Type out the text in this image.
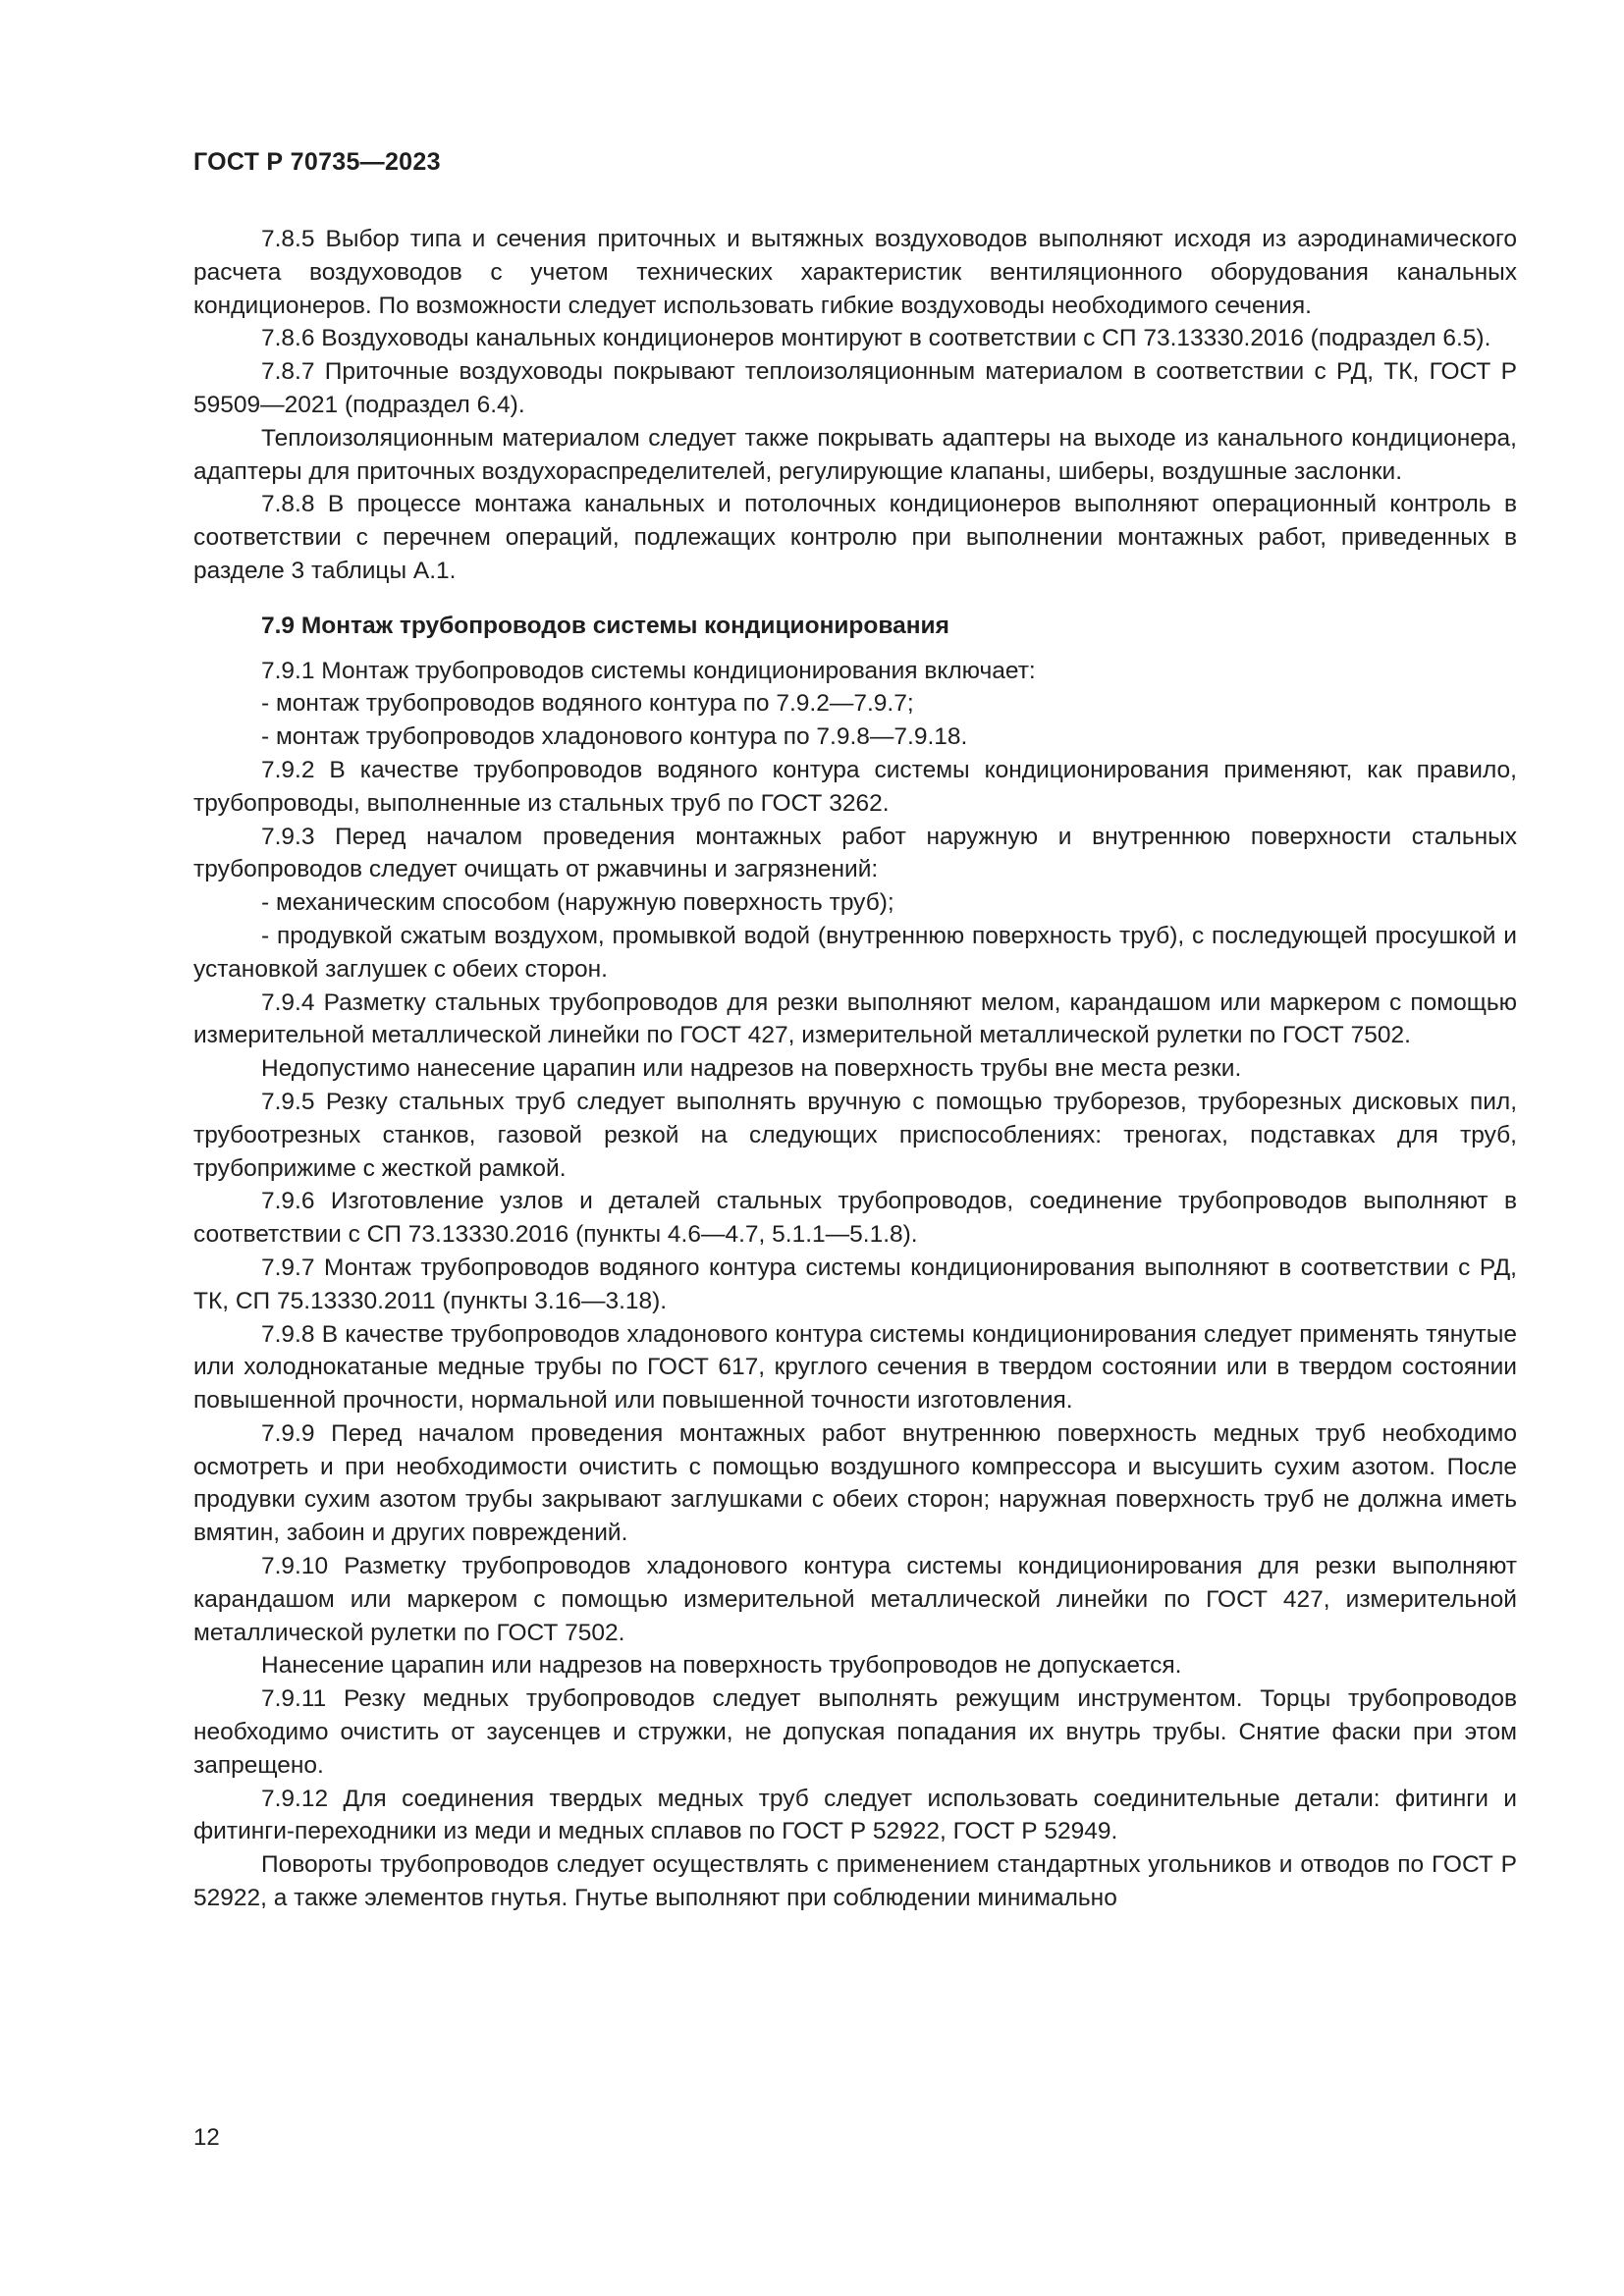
ГОСТ Р 70735—2023

7.8.5 Выбор типа и сечения приточных и вытяжных воздуховодов выполняют исходя из аэродинамического расчета воздуховодов с учетом технических характеристик вентиляционного оборудования канальных кондиционеров. По возможности следует использовать гибкие воздуховоды необходимого сечения.

7.8.6 Воздуховоды канальных кондиционеров монтируют в соответствии с СП 73.13330.2016 (подраздел 6.5).

7.8.7 Приточные воздуховоды покрывают теплоизоляционным материалом в соответствии с РД, ТК, ГОСТ Р 59509—2021 (подраздел 6.4).

Теплоизоляционным материалом следует также покрывать адаптеры на выходе из канального кондиционера, адаптеры для приточных воздухораспределителей, регулирующие клапаны, шиберы, воздушные заслонки.

7.8.8 В процессе монтажа канальных и потолочных кондиционеров выполняют операционный контроль в соответствии с перечнем операций, подлежащих контролю при выполнении монтажных работ, приведенных в разделе 3 таблицы А.1.

7.9 Монтаж трубопроводов системы кондиционирования

7.9.1 Монтаж трубопроводов системы кондиционирования включает:

- монтаж трубопроводов водяного контура по 7.9.2—7.9.7;

- монтаж трубопроводов хладонового контура по 7.9.8—7.9.18.

7.9.2 В качестве трубопроводов водяного контура системы кондиционирования применяют, как правило, трубопроводы, выполненные из стальных труб по ГОСТ 3262.

7.9.3 Перед началом проведения монтажных работ наружную и внутреннюю поверхности стальных трубопроводов следует очищать от ржавчины и загрязнений:

- механическим способом (наружную поверхность труб);

- продувкой сжатым воздухом, промывкой водой (внутреннюю поверхность труб), с последующей просушкой и установкой заглушек с обеих сторон.

7.9.4 Разметку стальных трубопроводов для резки выполняют мелом, карандашом или маркером с помощью измерительной металлической линейки по ГОСТ 427, измерительной металлической рулетки по ГОСТ 7502.

Недопустимо нанесение царапин или надрезов на поверхность трубы вне места резки.

7.9.5 Резку стальных труб следует выполнять вручную с помощью труборезов, труборезных дисковых пил, трубоотрезных станков, газовой резкой на следующих приспособлениях: треногах, подставках для труб, трубоприжиме с жесткой рамкой.

7.9.6 Изготовление узлов и деталей стальных трубопроводов, соединение трубопроводов выполняют в соответствии с СП 73.13330.2016 (пункты 4.6—4.7, 5.1.1—5.1.8).

7.9.7 Монтаж трубопроводов водяного контура системы кондиционирования выполняют в соответствии с РД, ТК, СП 75.13330.2011 (пункты 3.16—3.18).

7.9.8 В качестве трубопроводов хладонового контура системы кондиционирования следует применять тянутые или холоднокатаные медные трубы по ГОСТ 617, круглого сечения в твердом состоянии или в твердом состоянии повышенной прочности, нормальной или повышенной точности изготовления.

7.9.9 Перед началом проведения монтажных работ внутреннюю поверхность медных труб необходимо осмотреть и при необходимости очистить с помощью воздушного компрессора и высушить сухим азотом. После продувки сухим азотом трубы закрывают заглушками с обеих сторон; наружная поверхность труб не должна иметь вмятин, забоин и других повреждений.

7.9.10 Разметку трубопроводов хладонового контура системы кондиционирования для резки выполняют карандашом или маркером с помощью измерительной металлической линейки по ГОСТ 427, измерительной металлической рулетки по ГОСТ 7502.

Нанесение царапин или надрезов на поверхность трубопроводов не допускается.

7.9.11 Резку медных трубопроводов следует выполнять режущим инструментом. Торцы трубопроводов необходимо очистить от заусенцев и стружки, не допуская попадания их внутрь трубы. Снятие фаски при этом запрещено.

7.9.12 Для соединения твердых медных труб следует использовать соединительные детали: фитинги и фитинги-переходники из меди и медных сплавов по ГОСТ Р 52922, ГОСТ Р 52949.

Повороты трубопроводов следует осуществлять с применением стандартных угольников и отводов по ГОСТ Р 52922, а также элементов гнутья. Гнутье выполняют при соблюдении минимально

12
